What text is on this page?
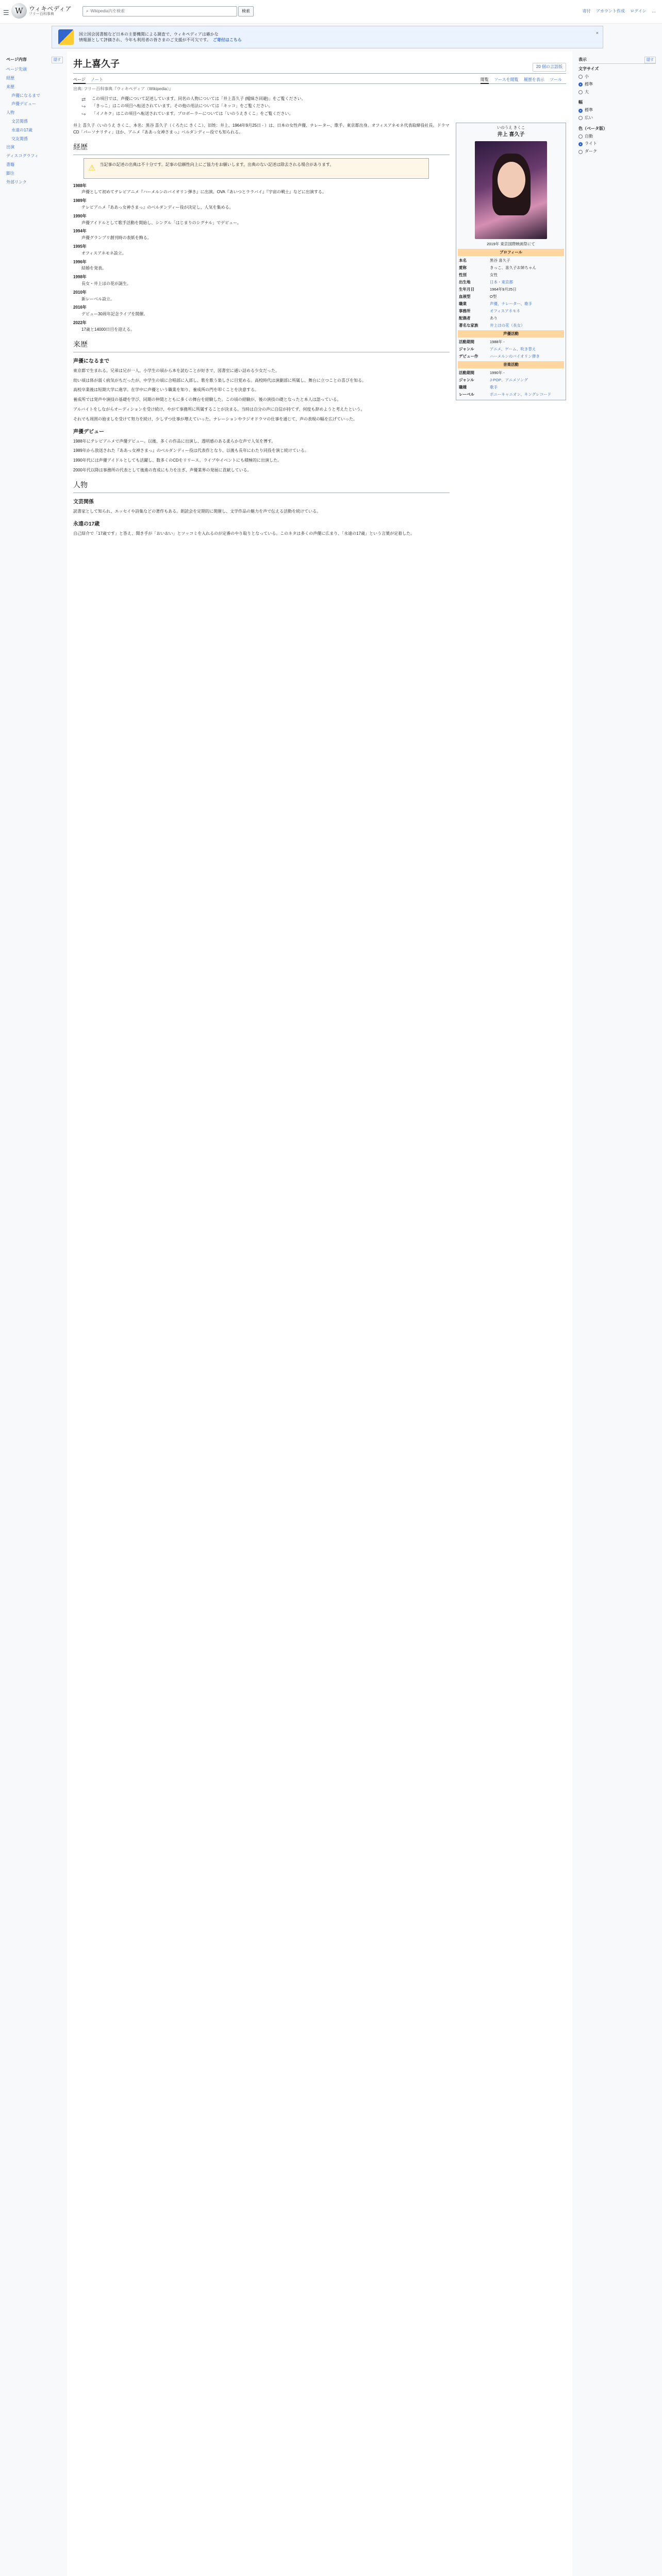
☰ W ウィキペディア
フリー百科事典
⌕ Wikipedia内を検索	検索	寄付 アカウント作成 ログイン …
国立国会図書館など日本の主要機関による調査で、ウィキペディアは確かな
情報源として評価され、今年も利用者の皆さまのご支援が不可欠です。 ご寄付はこちら
×
ページ内容	隠す
ページ先頭
経歴
来歴
声優になるまで
声優デビュー
人物
文芸関係
永遠の17歳
交友関係
出演
ディスコグラフィ
書籍
脚注
外部リンク
井上喜久子	20 個の言語版
ページ ノート	閲覧 ソースを閲覧 履歴を表示 ツール
出典: フリー百科事典『ウィキペディア（Wikipedia）』
⇄	この項目では、声優について記述しています。同名の人物については「井上喜久子 (曖昧さ回避)」をご覧ください。
↪	「きっこ」はこの項目へ転送されています。その他の用法については「キッコ」をご覧ください。
↪	「イノキク」はこの項目へ転送されています。プロボーラーについては「いのうえきくこ」をご覧ください。

井上 喜久子（いのうえ きくこ、本名：黒谷 喜久子（くろたに きくこ）、旧姓：井上、1964年9月25日 - ）は、日本の女性声優、ナレーター、歌手。東京都出身。オフィスアネモネ代表取締役社長。ドラマCD「パーソナリティ」ほか、アニメ『ああっ女神さまっ』ベルダンディー役でも知られる。

経歴
⚠ 当記事の記述の出典は不十分です。記事の信頼性向上にご協力をお願いします。出典のない記述は除去される場合があります。
1988年
声優として初めてテレビアニメ『ハーメルンのバイオリン弾き』に出演。OVA『あいつとララバイ』『宇宙の戦士』などに出演する。
1989年
テレビアニメ『ああっ女神さまっ』のベルダンディー役が決定し、人気を集める。
1990年
声優アイドルとして歌手活動を開始し、シングル「はじまりのシグナル」でデビュー。
1994年
声優グランプリ創刊時の表紙を飾る。
1995年
オフィスアネモネ設立。
1996年
結婚を発表。
1998年
長女・井上ほの花が誕生。
2010年
新レーベル設立。
2016年
デビュー30周年記念ライブを開催。
2022年
17歳と14000日目を迎える。
来歴
声優になるまで

東京都で生まれる。兄弟は兄が一人。小学生の頃から本を読むことが好きで、図書室に通い詰める少女だった。

幼い頃は体が弱く病気がちだったが、中学生の頃に合唱部に入部し、歌を歌う楽しさに目覚める。高校時代は演劇部に所属し、舞台に立つことの喜びを知る。

高校卒業後は短期大学に進学。在学中に声優という職業を知り、養成所の門を叩くことを決意する。

養成所では発声や演技の基礎を学び、同期の仲間とともに多くの舞台を経験した。この頃の経験が、後の演技の礎となったと本人は語っている。

アルバイトをしながらオーディションを受け続け、やがて事務所に所属することが決まる。当時は自分の声に自信が持てず、何度も辞めようと考えたという。

それでも周囲の励ましを受けて努力を続け、少しずつ仕事が増えていった。ナレーションやラジオドラマの仕事を通じて、声の表現の幅を広げていった。

声優デビュー

1988年にテレビアニメで声優デビュー。以後、多くの作品に出演し、透明感のある柔らかな声で人気を博す。

1989年から放送された『ああっ女神さまっ』のベルダンディー役は代表作となり、以後も長年にわたり同役を演じ続けている。

1990年代には声優アイドルとしても活躍し、数多くのCDをリリース。ライブやイベントにも積極的に出演した。

2000年代以降は事務所の代表として後進の育成にも力を注ぎ、声優業界の発展に貢献している。

人物
文芸関係

読書家として知られ、エッセイや詩集などの著作もある。朗読会を定期的に開催し、文学作品の魅力を声で伝える活動を続けている。

永遠の17歳

自己紹介で「17歳です」と答え、聞き手が「おいおい」とツッコミを入れるのが定番のやり取りとなっている。このネタは多くの声優に広まり、「永遠の17歳」という言葉が定着した。

いのうえ きくこ
井上 喜久子
2019年 東京国際映画祭にて
プロフィール
本名	黒谷 喜久子
愛称	きっこ、喜久子お姉ちゃん
性別	女性
出生地	日本・東京都
生年月日	1964年9月25日
血液型	O型
職業	声優、ナレーター、歌手
事務所	オフィスアネモネ
配偶者	あり
著名な家族	井上ほの花（長女）
声優活動
活動期間	1988年 -
ジャンル	アニメ、ゲーム、吹き替え
デビュー作	ハーメルンのバイオリン弾き
音楽活動
活動期間	1990年 -
ジャンル	J-POP、アニメソング
職種	歌手
レーベル	ポニーキャニオン、キングレコード
表示	隠す
文字サイズ
小
標準
大
幅
標準
広い
色（ベータ版）
自動
ライト
ダーク
